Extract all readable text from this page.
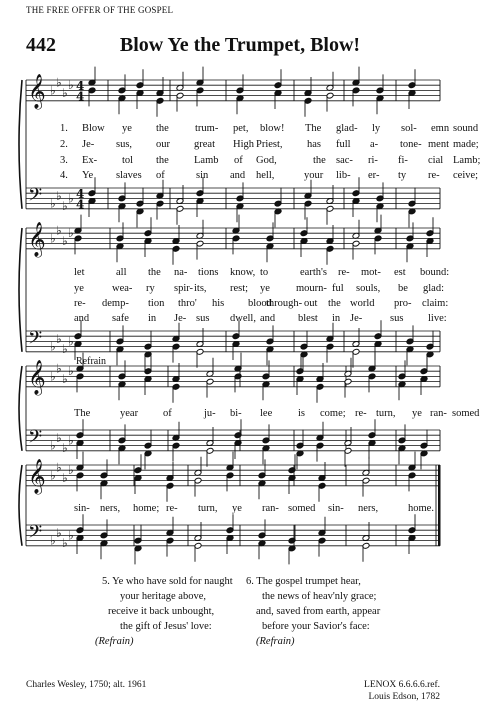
THE FREE OFFER OF THE GOSPEL
442	Blow Ye the Trumpet, Blow!
𝄞
𝄢
♭
♭
♭
♭
♭
♭
♭
♭
4
4
4
4
𝄞
𝄢
♭
♭
♭
♭
♭
♭
♭
♭
𝄞
𝄢
♭
♭
♭
♭
♭
♭
♭
♭
𝄞
𝄢
♭
♭
♭
♭
♭
♭
♭
♭
Refrain
1. Blow ye the trum- pet, blow! The glad- ly sol- emn sound
2. Je- sus, our great High Priest, has full a- tone- ment made;
3. Ex- tol the Lamb of God,	the sac- ri- fi- cial Lamb;
4. Ye slaves of	sin and hell,	your lib- er- ty re- ceive;
let	all the na- tions know, to	earth's re- mot- est bound:
ye	wea- ry spir- its, rest; ye mourn- ful souls, be glad:
re- demp- tion thro' his blood
through- out the world pro- claim:
and safe in Je- sus dwell, and blest in Je-	sus live:
The	year of	ju- bi- lee is come; re- turn, ye ran- somed
sin- ners, home; re- turn, ye ran- somed sin- ners,	home.
5. Ye who have sold for naught
your heritage above,
receive it back unbought,
the gift of Jesus' love:
(Refrain)
6. The gospel trumpet hear,
the news of heav'nly grace;
and, saved from earth, appear
before your Savior's face:
(Refrain)
Charles Wesley, 1750; alt. 1961	LENOX 6.6.6.6.ref.
Louis Edson, 1782
